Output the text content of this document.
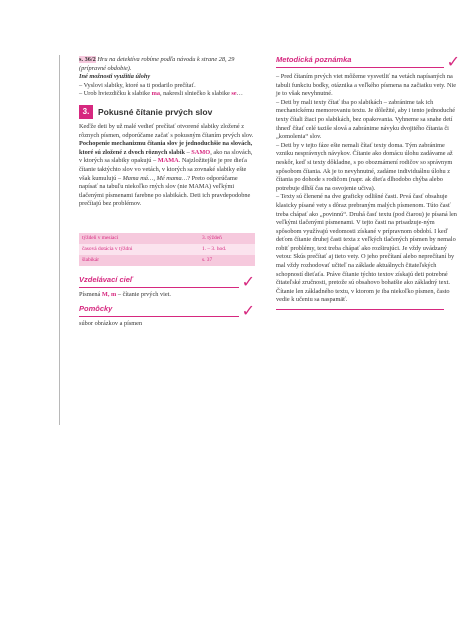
s. 36/2 Hru na detektíva robíme podľa návodu k strane 28, 29 (prípravné obdobie).

Iné možnosti využitia úlohy

– Vyslovi slabiky, ktoré sa ti podarilo prečítať.

– Urob hviezdičku k slabike ma, nakresli slniečko k slabike se…

3.	Pokusné čítanie prvých slov

Keďže deti by už malé vedieť prečítať otvorené slabiky zložené z rôznych písmen, odporúčame začať s pokusným čítaním prvých slov. Pochopenie mechanizmu čítania slov je jednoduchšie na slovách, ktoré sú zložené z dvoch rôznych slabík – SAMO, ako na slovách, v ktorých sa slabiky opakujú – MAMA. Najzložitejšie je pre dieťa čítanie taktýchto slov vo vetách, v ktorých sa zovnaké slabiky ešte však kumulujú – Mama má…, Mé mama…? Preto odporúčame napísať na tabuľu niekoľko rných slov (nie MAMA) veľkými tlačenými písmenami farebne po slabikách. Deti ich pravdepodobne prečítajú bez problémov.

týždeň v mesiaci	3. týždeň
časová dotácia v týždni	1. – 3. hod.
šlabikár	s. 37
Vzdelávací cieľ	✓

Písmená M, m – čítanie prvých viet.

Pomôcky	✓

súbor obrázkov a písmen

Metodická poznámka	✓

– Pred čítaním prvých viet môžeme vysvetliť na vetách napísaných na tabuli funkciu bodky, otáznika a veľkého písmena na začiatku vety. Nie je to však nevyhnutné.

– Deti by mali texty čítať iba po slabikách – zabránime tak ich mechanickému memorovaniu textu. Je dôležité, aby i tento jednoduché texty čítali žiaci po slabikách, bez opakovania. Vyhneme sa snahe detí ihneď čítať celé taziše slová a zabránime návyku dvojitého čítania či „komolenia“ slov.

– Deti by v tejto fáze ešte nemali čítať texty doma. Tým zabránime vzniku nesprávnych návykov. Čítanie ako domácu úlohu zadávame až neskôr, keď si texty dôkladne, s po obozmámení rodičov so správnym spôsobom čítania. Ak je to nevyhnutné, zadáme individuálnu úlohu z čítania po dohode s rodičom (napr. ak dieťa dlhodobo chýba alebo potrebuje dlhší čas na osvojenie učiva).

– Texty sú členené na dve graficky odlišné časti. Prvá časť obsahuje klasicky písané vety s dôraz prebraným malých písmenom. Túto časť treba chápať ako „povinnú“. Druhá časť textu (pod čiarou) je písaná len veľkými tlačenými písmenami. V tejto časti na prisadzuje-ným spôsobom využívajú vedomosti získané v prípravnom období. I keď deťom čítanie druhej časti texta z veľkých tlačených písmen by nemalo robiť problémy, text treba chápať ako rozširujúci. Je vždy uvádzaný vetou: Skús prečítať aj tieto vety. O jeho prečítaní alebo neprečítaní by mal vždy rozhodovať učiteľ na základe aktuálnych čitateľských schopností dieťaťa. Práve čítanie týchto textov získajú deti potrebné čitateľské zručnosti, pretože sú obsahovo bohatšie ako základný text. Čítanie len základného textu, v ktorom je iba niekoľko písmen, často vedie k učeniu sa naspamäť.
